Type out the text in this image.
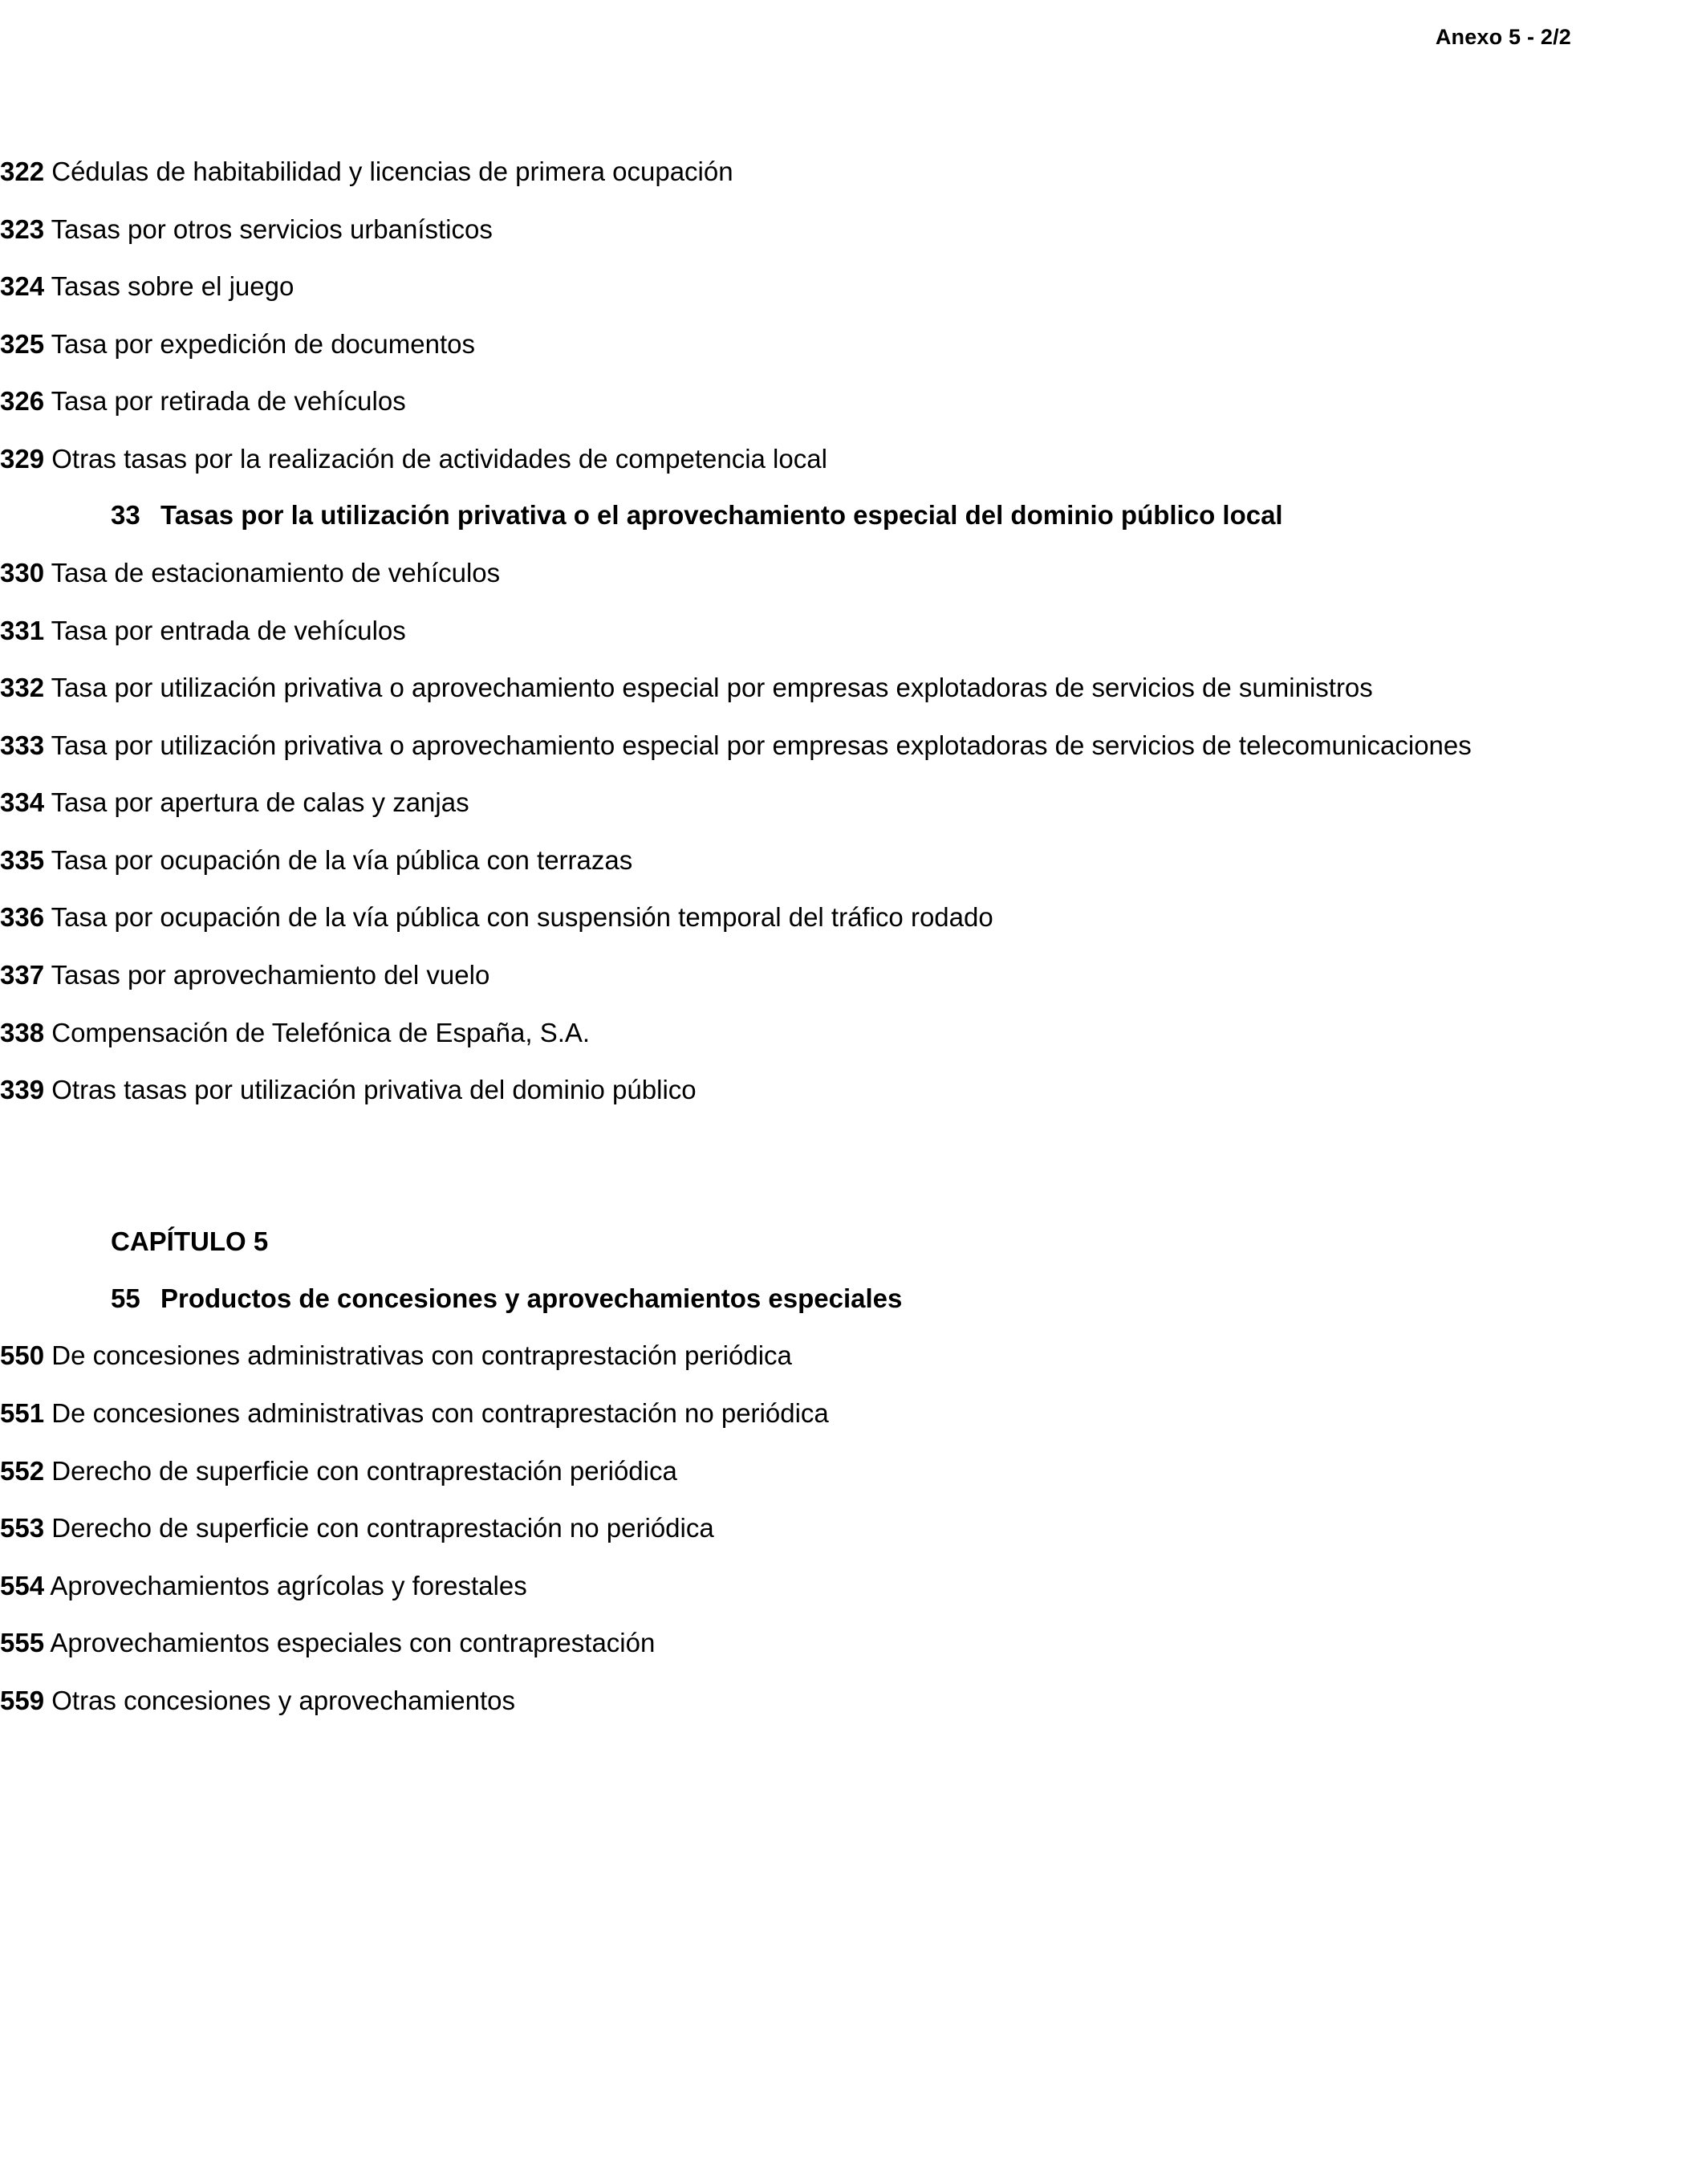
Anexo 5 - 2/2

322 Cédulas de habitabilidad y licencias de primera ocupación

323 Tasas por otros servicios urbanísticos

324 Tasas sobre el juego

325 Tasa por expedición de documentos

326 Tasa por retirada de vehículos

329 Otras tasas por la realización de actividades de competencia local

33 Tasas por la utilización privativa o el aprovechamiento especial del dominio público local

330 Tasa de estacionamiento de vehículos

331 Tasa por entrada de vehículos

332 Tasa por utilización privativa o aprovechamiento especial por empresas explotadoras de servicios de suministros

333 Tasa por utilización privativa o aprovechamiento especial por empresas explotadoras de servicios de telecomunicaciones

334 Tasa por apertura de calas y zanjas

335 Tasa por ocupación de la vía pública con terrazas

336 Tasa por ocupación de la vía pública con suspensión temporal del tráfico rodado

337 Tasas por aprovechamiento del vuelo

338 Compensación de Telefónica de España, S.A.

339 Otras tasas por utilización privativa del dominio público

CAPÍTULO 5
55 Productos de concesiones y aprovechamientos especiales

550 De concesiones administrativas con contraprestación periódica

551 De concesiones administrativas con contraprestación no periódica

552 Derecho de superficie con contraprestación periódica

553 Derecho de superficie con contraprestación no periódica

554 Aprovechamientos agrícolas y forestales

555 Aprovechamientos especiales con contraprestación

559 Otras concesiones y aprovechamientos
